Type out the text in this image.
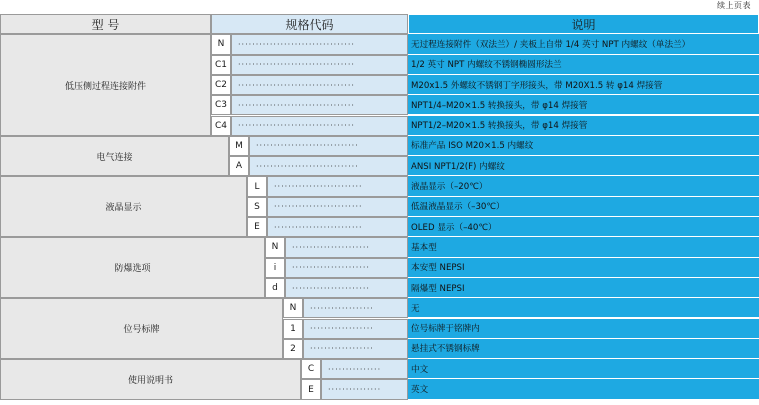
续上页表
型 号	规格代码	说明
低压侧过程连接附件
N	·································	无过程连接附件（双法兰）/ 夹板上自带 1/4 英寸 NPT 内螺纹（单法兰）
C1	·································	1/2 英寸 NPT 内螺纹不锈钢椭圆形法兰
C2	·································	M20x1.5 外螺纹不锈钢丁字形接头，带 M20X1.5 转 φ14 焊接管
C3	·································	NPT1/4–M20×1.5 转换接头，带 φ14 焊接管
C4	·································	NPT1/2–M20×1.5 转换接头，带 φ14 焊接管
电气连接
M	·····························	标准产品 ISO M20×1.5 内螺纹
A	·····························	ANSI NPT1/2(F) 内螺纹
液晶显示
L	·························	液晶显示（–20℃）
S	·························	低温液晶显示（–30℃）
E	·························	OLED 显示（–40℃）
防爆选项
N	······················	基本型
i	······················	本安型 NEPSI
d	······················	隔爆型 NEPSI
位号标牌
N	··················	无
1	··················	位号标牌于铭牌内
2	··················	悬挂式不锈钢标牌
使用说明书
C	···············	中文
E	···············	英文
